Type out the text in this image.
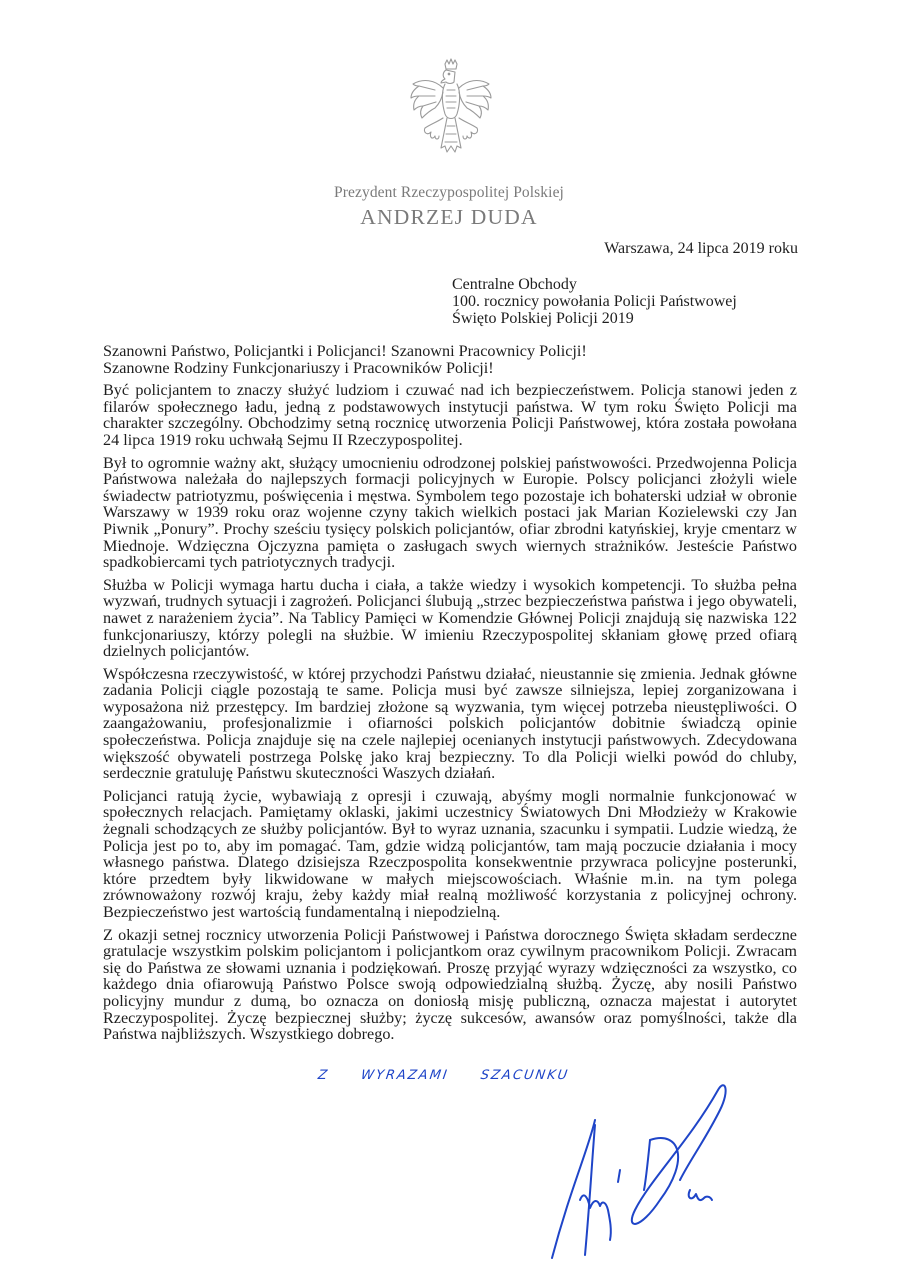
Prezydent Rzeczypospolitej Polskiej
ANDRZEJ DUDA
Warszawa, 24 lipca 2019 roku
Centralne Obchody
100. rocznicy powołania Policji Państwowej
Święto Polskiej Policji 2019

Szanowni Państwo, Policjantki i Policjanci! Szanowni Pracownicy Policji!

Szanowne Rodziny Funkcjonariuszy i Pracowników Policji!

Być policjantem to znaczy służyć ludziom i czuwać nad ich bezpieczeństwem. Policja stanowi jeden z filarów społecznego ładu, jedną z podstawowych instytucji państwa. W tym roku Święto Policji ma charakter szczególny. Obchodzimy setną rocznicę utworzenia Policji Państwowej, która została powołana 24 lipca 1919 roku uchwałą Sejmu II Rzeczypospolitej.

Był to ogromnie ważny akt, służący umocnieniu odrodzonej polskiej państwowości. Przedwojenna Policja Państwowa należała do najlepszych formacji policyjnych w Europie. Polscy policjanci złożyli wiele świadectw patriotyzmu, poświęcenia i męstwa. Symbolem tego pozostaje ich bohaterski udział w obronie Warszawy w 1939 roku oraz wojenne czyny takich wielkich postaci jak Marian Kozielewski czy Jan Piwnik „Ponury”. Prochy sześciu tysięcy polskich policjantów, ofiar zbrodni katyńskiej, kryje cmentarz w Miednoje. Wdzięczna Ojczyzna pamięta o zasługach swych wiernych strażników. Jesteście Państwo spadkobiercami tych patriotycznych tradycji.

Służba w Policji wymaga hartu ducha i ciała, a także wiedzy i wysokich kompetencji. To służba pełna wyzwań, trudnych sytuacji i zagrożeń. Policjanci ślubują „strzec bezpieczeństwa państwa i jego obywateli, nawet z narażeniem życia”. Na Tablicy Pamięci w Komendzie Głównej Policji znajdują się nazwiska 122 funkcjonariuszy, którzy polegli na służbie. W imieniu Rzeczypospolitej skłaniam głowę przed ofiarą dzielnych policjantów.

Współczesna rzeczywistość, w której przychodzi Państwu działać, nieustannie się zmienia. Jednak główne zadania Policji ciągle pozostają te same. Policja musi być zawsze silniejsza, lepiej zorganizowana i wyposażona niż przestępcy. Im bardziej złożone są wyzwania, tym więcej potrzeba nieustępliwości. O zaangażowaniu, profesjonalizmie i ofiarności polskich policjantów dobitnie świadczą opinie społeczeństwa. Policja znajduje się na czele najlepiej ocenianych instytucji państwowych. Zdecydowana większość obywateli postrzega Polskę jako kraj bezpieczny. To dla Policji wielki powód do chluby, serdecznie gratuluję Państwu skuteczności Waszych działań.

Policjanci ratują życie, wybawiają z opresji i czuwają, abyśmy mogli normalnie funkcjonować w społecznych relacjach. Pamiętamy oklaski, jakimi uczestnicy Światowych Dni Młodzieży w Krakowie żegnali schodzących ze służby policjantów. Był to wyraz uznania, szacunku i sympatii. Ludzie wiedzą, że Policja jest po to, aby im pomagać. Tam, gdzie widzą policjantów, tam mają poczucie działania i mocy własnego państwa. Dlatego dzisiejsza Rzeczpospolita konsekwentnie przywraca policyjne posterunki, które przedtem były likwidowane w małych miejscowościach. Właśnie m.in. na tym polega zrównoważony rozwój kraju, żeby każdy miał realną możliwość korzystania z policyjnej ochrony. Bezpieczeństwo jest wartością fundamentalną i niepodzielną.

Z okazji setnej rocznicy utworzenia Policji Państwowej i Państwa dorocznego Święta składam serdeczne gratulacje wszystkim polskim policjantom i policjantkom oraz cywilnym pracownikom Policji. Zwracam się do Państwa ze słowami uznania i podziękowań. Proszę przyjąć wyrazy wdzięczności za wszystko, co każdego dnia ofiarowują Państwo Polsce swoją odpowiedzialną służbą. Życzę, aby nosili Państwo policyjny mundur z dumą, bo oznacza on doniosłą misję publiczną, oznacza majestat i autorytet Rzeczypospolitej. Życzę bezpiecznej służby; życzę sukcesów, awansów oraz pomyślności, także dla Państwa najbliższych. Wszystkiego dobrego.

Z WYRAZAMI SZACUNKU
